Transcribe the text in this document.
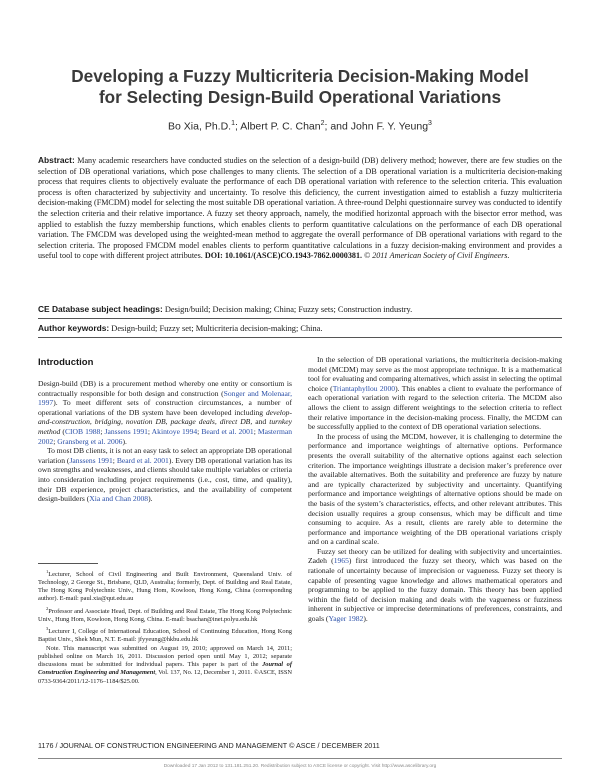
Developing a Fuzzy Multicriteria Decision-Making Model
for Selecting Design-Build Operational Variations
Bo Xia, Ph.D.$^1$; Albert P. C. Chan$^2$; and John F. Y. Yeung$^3$
Abstract: Many academic researchers have conducted studies on the selection of a design-build (DB) delivery method; however, there are few studies on the selection of DB operational variations, which pose challenges to many clients. The selection of a DB operational variation is a multicriteria decision-making process that requires clients to objectively evaluate the performance of each DB operational variation with reference to the selection criteria. This evaluation process is often characterized by subjectivity and uncertainty. To resolve this deficiency, the current investigation aimed to establish a fuzzy multicriteria decision-making (FMCDM) model for selecting the most suitable DB operational variation. A three-round Delphi questionnaire survey was conducted to identify the selection criteria and their relative importance. A fuzzy set theory approach, namely, the modified horizontal approach with the bisector error method, was applied to establish the fuzzy membership functions, which enables clients to perform quantitative calculations on the performance of each DB operational variation. The FMCDM was developed using the weighted-mean method to aggregate the overall performance of DB operational variations with regard to the selection criteria. The proposed FMCDM model enables clients to perform quantitative calculations in a fuzzy decision-making environment and provides a useful tool to cope with different project attributes. DOI: 10.1061/(ASCE)CO.1943-7862.0000381. © 2011 American Society of Civil Engineers.
CE Database subject headings: Design/build; Decision making; China; Fuzzy sets; Construction industry.
Author keywords: Design-build; Fuzzy set; Multicriteria decision-making; China.
Introduction

Design-build (DB) is a procurement method whereby one entity or consortium is contractually responsible for both design and construction (Songer and Molenaar, 1997). To meet different sets of construction circumstances, a number of operational variations of the DB system have been developed including develop-and-construction, bridging, novation DB, package deals, direct DB, and turnkey method (CIOB 1988; Janssens 1991; Akintoye 1994; Beard et al. 2001; Masterman 2002; Gransberg et al. 2006).

To most DB clients, it is not an easy task to select an appropriate DB operational variation (Janssens 1991; Beard et al. 2001). Every DB operational variation has its own strengths and weaknesses, and clients should take multiple variables or criteria into consideration including project requirements (i.e., cost, time, and quality), their DB experience, project characteristics, and the availability of competent design-builders (Xia and Chan 2008).

$^1$Lecturer, School of Civil Engineering and Built Environment, Queensland Univ. of Technology, 2 George St., Brisbane, QLD, Australia; formerly, Dept. of Building and Real Estate, The Hong Kong Polytechnic Univ., Hung Hom, Kowloon, Hong Kong, China (corresponding author). E-mail: paul.xia@qut.edu.au

$^2$Professor and Associate Head, Dept. of Building and Real Estate, The Hong Kong Polytechnic Univ., Hung Hom, Kowloon, Hong Kong, China. E-mail: bsachan@inet.polyu.edu.hk

$^3$Lecturer I, College of International Education, School of Continuing Education, Hong Kong Baptist Univ., Shek Mun, N.T. E-mail: jfyyeung@hkbu.edu.hk

Note. This manuscript was submitted on August 19, 2010; approved on March 14, 2011; published online on March 16, 2011. Discussion period open until May 1, 2012; separate discussions must be submitted for individual papers. This paper is part of the Journal of Construction Engineering and Management, Vol. 137, No. 12, December 1, 2011. ©ASCE, ISSN 0733-9364/2011/12-1176–1184/$25.00.

In the selection of DB operational variations, the multicriteria decision-making model (MCDM) may serve as the most appropriate technique. It is a mathematical tool for evaluating and comparing alternatives, which assist in selecting the optimal choice (Triantaphyllou 2000). This enables a client to evaluate the performance of each operational variation with regard to the selection criteria. The MCDM also allows the client to assign different weightings to the selection criteria to reflect their relative importance in the decision-making process. Finally, the MCDM can be successfully applied to the context of DB operational variation selections.

In the process of using the MCDM, however, it is challenging to determine the performance and importance weightings of alternative options. Performance presents the overall suitability of the alternative options against each selection criterion. The importance weightings illustrate a decision maker’s preference over the available alternatives. Both the suitability and preference are fuzzy by nature and are typically characterized by subjectivity and uncertainty. Quantifying performance and importance weightings of alternative options should be made on the basis of the system’s characteristics, effects, and other relevant attributes. This decision usually requires a group consensus, which may be difficult and time consuming to acquire. As a result, clients are rarely able to determine the performance and importance weighting of the DB operational variations crisply and on a cardinal scale.

Fuzzy set theory can be utilized for dealing with subjectivity and uncertainties. Zadeh (1965) first introduced the fuzzy set theory, which was based on the rationale of uncertainty because of imprecision or vagueness. Fuzzy set theory is capable of presenting vague knowledge and allows mathematical operators and programming to be applied to the fuzzy domain. This theory has been applied within the field of decision making and deals with the vagueness or fuzziness inherent in subjective or imprecise determinations of preferences, constraints, and goals (Yager 1982).

1176 / JOURNAL OF CONSTRUCTION ENGINEERING AND MANAGEMENT © ASCE / DECEMBER 2011
Downloaded 17 Jan 2012 to 131.181.251.20. Redistribution subject to ASCE license or copyright. Visit http://www.ascelibrary.org
